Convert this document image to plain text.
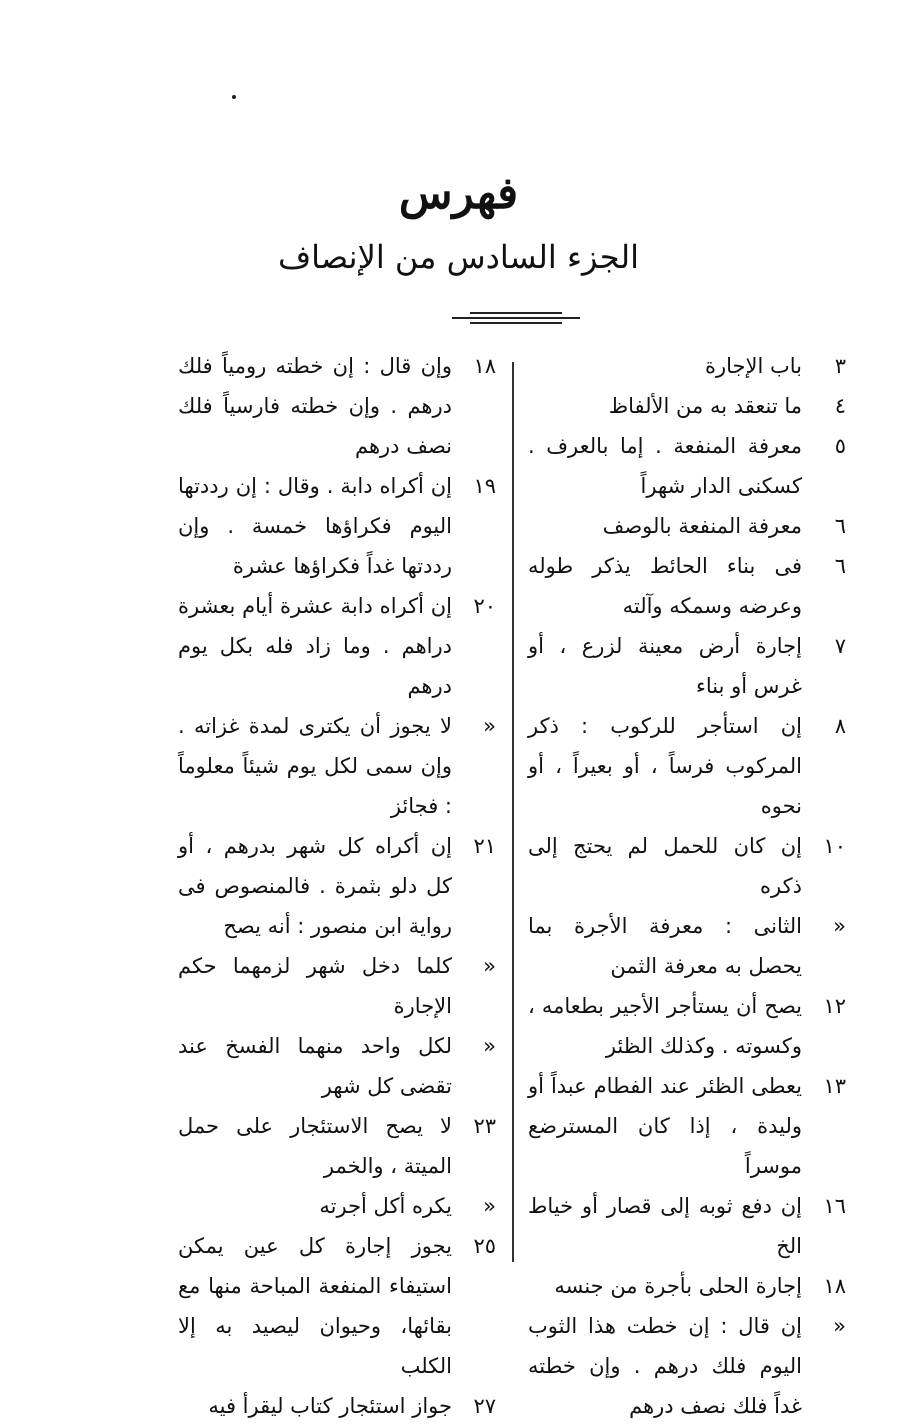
فهرس
الجزء السادس من الإنصاف
٣
باب الإجارة
٤
ما تنعقد به من الألفاظ
٥
معرفة المنفعة . إما بالعرف . كسكنى الدار شهراً
٦
معرفة المنفعة بالوصف
٦
فى بناء الحائط يذكر طوله وعرضه وسمكه وآلته
٧
إجارة أرض معينة لزرع ، أو غرس أو بناء
٨
إن استأجر للركوب : ذكر المركوب فرساً ، أو بعيراً ، أو نحوه
١٠
إن كان للحمل لم يحتج إلى ذكره
«
الثانى : معرفة الأجرة بما يحصل به معرفة الثمن
١٢
يصح أن يستأجر الأجير بطعامه ، وكسوته . وكذلك الظئر
١٣
يعطى الظئر عند الفطام عبداً أو وليدة ، إذا كان المسترضع موسراً
١٦
إن دفع ثوبه إلى قصار أو خياط الخ
١٨
إجارة الحلى بأجرة من جنسه
«
إن قال : إن خطت هذا الثوب اليوم فلك درهم . وإن خطته غداً فلك نصف درهم
١٨
وإن قال : إن خطته رومياً فلك درهم . وإن خطته فارسياً فلك نصف درهم
١٩
إن أكراه دابة . وقال : إن رددتها اليوم فكراؤها خمسة . وإن رددتها غداً فكراؤها عشرة
٢٠
إن أكراه دابة عشرة أيام بعشرة دراهم . وما زاد فله بكل يوم درهم
«
لا يجوز أن يكترى لمدة غزاته . وإن سمى لكل يوم شيئاً معلوماً : فجائز
٢١
إن أكراه كل شهر بدرهم ، أو كل دلو بثمرة . فالمنصوص فى رواية ابن منصور : أنه يصح
«
كلما دخل شهر لزمهما حكم الإجارة
«
لكل واحد منهما الفسخ عند تقضى كل شهر
٢٣
لا يصح الاستئجار على حمل الميتة ، والخمر
«
يكره أكل أجرته
٢٥
يجوز إجارة كل عين يمكن استيفاء المنفعة المباحة منها مع بقائها، وحيوان ليصيد به إلا الكلب
٢٧
جواز استئجار كتاب ليقرأ فيه
